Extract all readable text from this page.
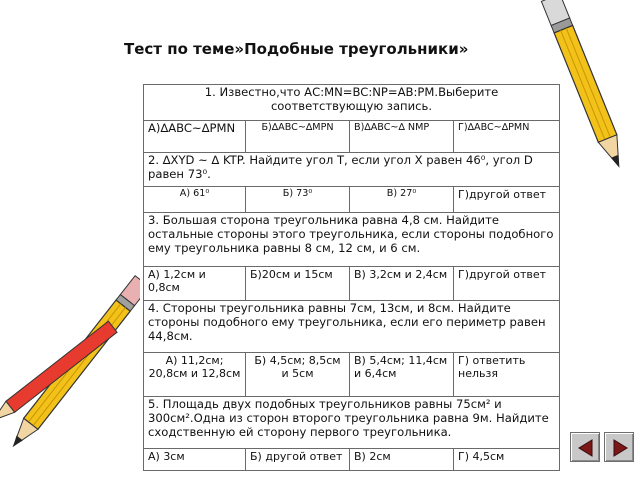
Тест по теме»Подобные треугольники»
1. Известно,что АС:MN=BC:NP=AB:PM.Выберите соответствующую запись.			
А)∆ABC~∆PMN	Б)∆ABC~∆MPN	В)∆ABC~∆ NMP	Г)∆ABC~∆PMN
2. ∆XYD ~ ∆ KTP. Найдите угол Т, если угол Х равен 46⁰, угол D равен 73⁰.			
А) 61⁰	Б) 73⁰	В) 27⁰	Г)другой ответ
3. Большая сторона треугольника равна 4,8 см. Найдите остальные стороны этого треугольника, если стороны подобного ему треугольника равны 8 см, 12 см, и 6 см.			
А) 1,2см и 0,8см	Б)20см и 15см	В) 3,2см и 2,4см	Г)другой ответ
4. Стороны треугольника равны 7см, 13см, и 8см. Найдите стороны подобного ему треугольника, если его периметр равен 44,8см.			
А) 11,2см; 20,8см и 12,8см	Б) 4,5см; 8,5см и 5см	В) 5,4см; 11,4см и 6,4см	Г) ответить нельзя
5. Площадь двух подобных треугольников равны 75см² и 300см².Одна из сторон второго треугольника равна 9м. Найдите сходственную ей сторону первого треугольника.			
А) 3см	Б) другой ответ	В) 2см	Г) 4,5см
